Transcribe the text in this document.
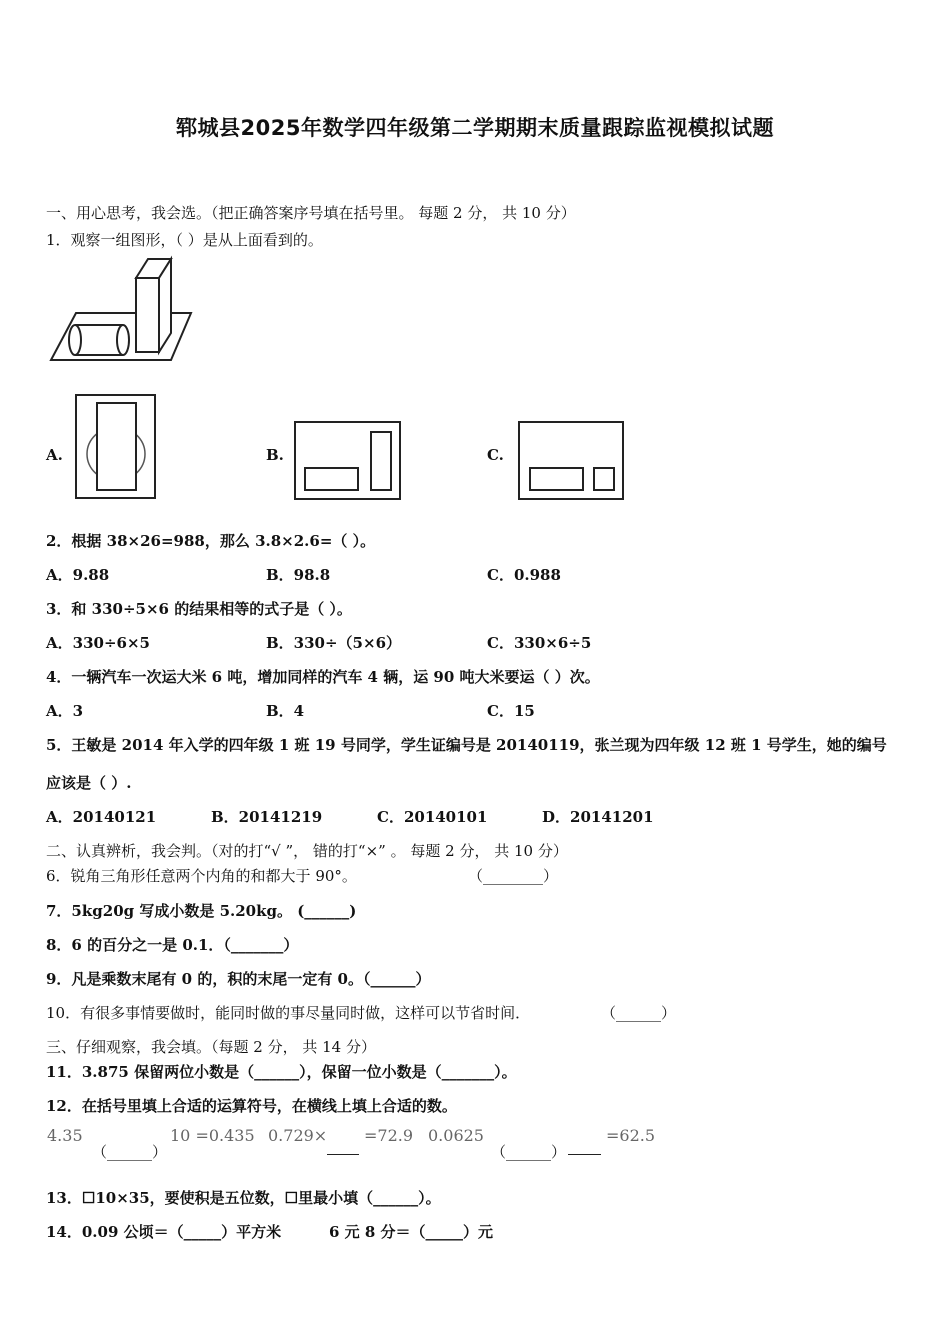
郓城县2025年数学四年级第二学期期末质量跟踪监视模拟试题
一、用心思考，我会选。（把正确答案序号填在括号里。 每题 2 分， 共 10 分）
1．观察一组图形，（ ）是从上面看到的。
A.	B.	C.
2．根据 38×26=988，那么 3.8×2.6=（ ）。
A．9.88	B．98.8	C．0.988
3．和 330÷5×6 的结果相等的式子是（ ）。
A．330÷6×5	B．330÷（5×6）	C．330×6÷5
4．一辆汽车一次运大米 6 吨，增加同样的汽车 4 辆，运 90 吨大米要运（ ）次。
A．3	B．4	C．15
5．王敏是 2014 年入学的四年级 1 班 19 号同学，学生证编号是 20140119，张兰现为四年级 12 班 1 号学生，她的编号
应该是（ ）.
A．20140121	B．20141219	C．20140101	D．20141201
二、认真辨析，我会判。（对的打“√ ”， 错的打“×” 。 每题 2 分， 共 10 分）
6．锐角三角形任意两个内角的和都大于 90°。	（________）
7．5kg20g 写成小数是 5.20kg。 (______)
8．6 的百分之一是 0.1．（_______）
9．凡是乘数末尾有 0 的，积的末尾一定有 0。（______）
10．有很多事情要做时，能同时做的事尽量同时做，这样可以节省时间．	（______）
三、仔细观察，我会填。（每题 2 分， 共 14 分）
11．3.875 保留两位小数是（______），保留一位小数是（_______）。
12．在括号里填上合适的运算符号，在横线上填上合适的数。
4.35
（______）
10 =0.435 0.729× =72.9 0.0625
（______）
=62.5
13．☐10×35，要使积是五位数，☐里最小填（______）。
14．0.09 公顷＝（_____）平方米	6 元 8 分＝（_____）元
